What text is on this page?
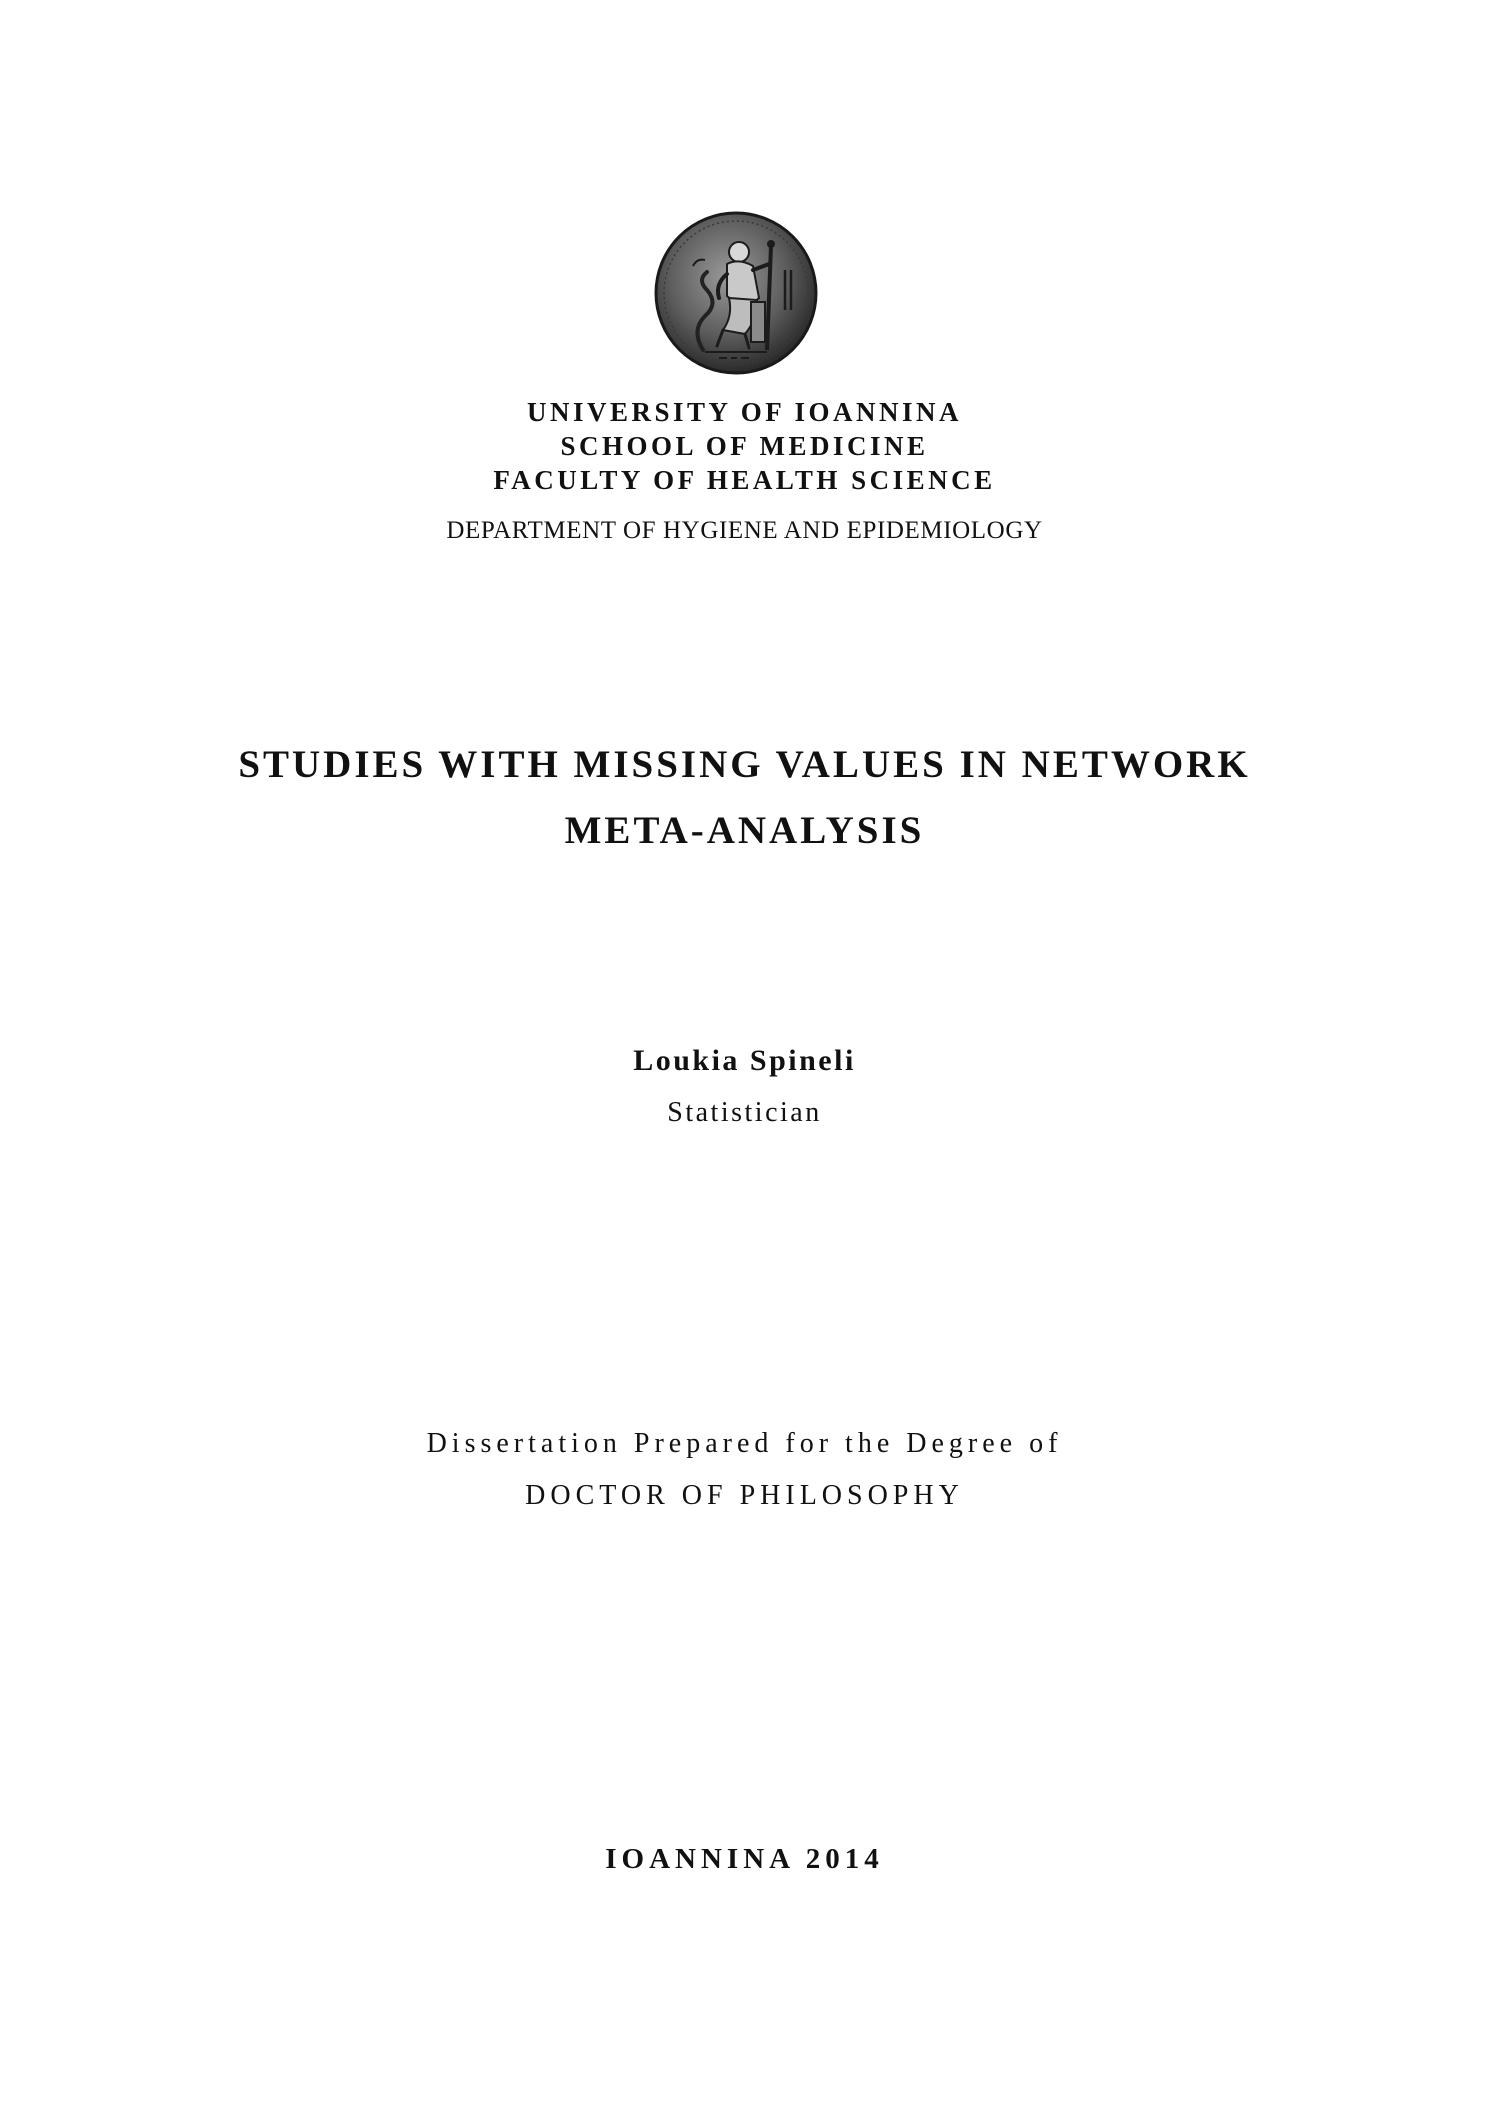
UNIVERSITY OF IOANNINA
SCHOOL OF MEDICINE
FACULTY OF HEALTH SCIENCE
DEPARTMENT OF HYGIENE AND EPIDEMIOLOGY
STUDIES WITH MISSING VALUES IN NETWORK
META-ANALYSIS
Loukia Spineli
Statistician
Dissertation Prepared for the Degree of
DOCTOR OF PHILOSOPHY
IOANNINA 2014
